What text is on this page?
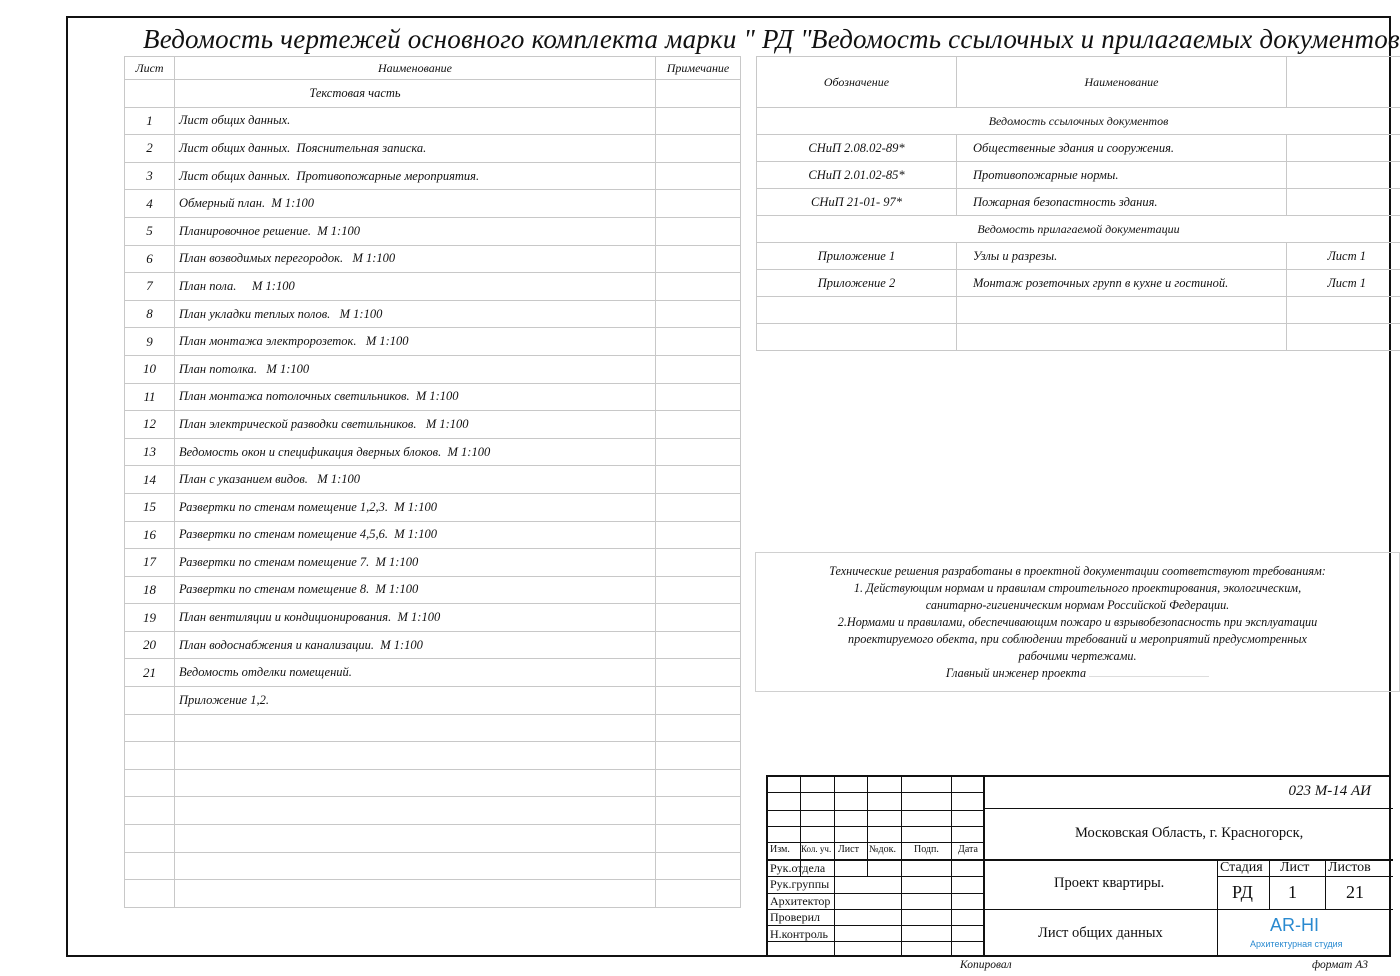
Ведомость чертежей основного комплекта марки " РД "
Лист	Наименование	Примечание
	Текстовая часть	
1	Лист общих данных.	
2	Лист общих данных.  Пояснительная записка.	
3	Лист общих данных.  Противопожарные мероприятия.	
4	Обмерный план.  М 1:100	
5	Планировочное решение.  М 1:100	
6	План возводимых перегородок.   М 1:100	
7	План пола.     М 1:100	
8	План укладки теплых полов.   М 1:100	
9	План монтажа электророзеток.   М 1:100	
10	План потолка.   М 1:100	
11	План монтажа потолочных светильников.  М 1:100	
12	План электрической разводки светильников.   М 1:100	
13	Ведомость окон и спецификация дверных блоков.  М 1:100	
14	План с указанием видов.   М 1:100	
15	Развертки по стенам помещение 1,2,3.  М 1:100	
16	Развертки по стенам помещение 4,5,6.  М 1:100	
17	Развертки по стенам помещение 7.  М 1:100	
18	Развертки по стенам помещение 8.  М 1:100	
19	План вентиляции и кондиционирования.  М 1:100	
20	План водоснабжения и канализации.  М 1:100	
21	Ведомость отделки помещений.	
	Приложение 1,2.	

Ведомость ссылочных и прилагаемых документов
Обозначение	Наименование	
Ведомость ссылочных документов		
СНиП 2.08.02-89*	Общественные здания и сооружения.	
СНиП 2.01.02-85*	Противопожарные нормы.	
СНиП 21-01- 97*	Пожарная безопастность здания.	
Ведомость прилагаемой документации		
Приложение 1	Узлы и разрезы.	Лист 1
Приложение 2	Монтаж розеточных групп в кухне и гостиной.	Лист 1

Технические решения разработаны в проектной документации соответствуют требованиям:
1. Действующим нормам и правилам строительного проектирования, экологическим,
санитарно-гигиеническим нормам Российской Федерации.
2.Нормами и правилами, обеспечивающим пожаро и взрывобезопасность при эксплуатации
проектируемого обекта, при соблюдении требований и мероприятий предусмотренных
рабочими чертежами.
Главный инженер проекта
Изм. Кол. уч. Лист №док. Подп. Дата
Рук.отдела
Рук.группы
Архитектор
Проверил
Н.контроль
023 М-14 АИ
Московская Область, г. Красногорск,
Проект квартиры.
Лист общих данных
Стадия Лист Листов
РД 1	21
AR-HI
Архитектурная студия
Копировал	формат А3
